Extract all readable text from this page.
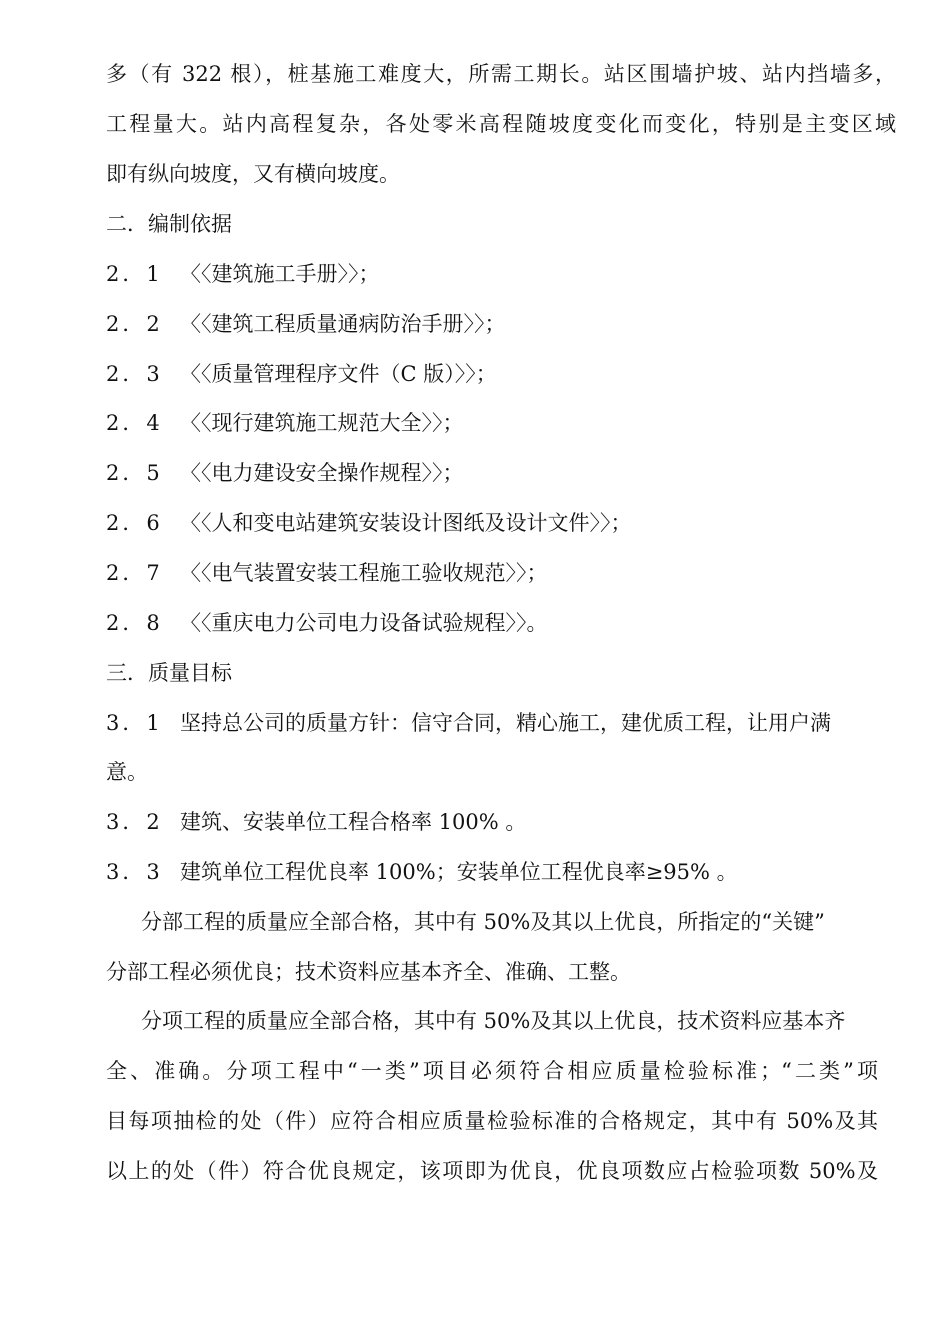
多（有 322 根），桩基施工难度大，所需工期长。站区围墙护坡、站内挡墙多，
工程量大。站内高程复杂，各处零米高程随坡度变化而变化，特别是主变区域
即有纵向坡度，又有横向坡度。
二．编制依据
2．1 〈〈建筑施工手册〉〉；
2．2 〈〈建筑工程质量通病防治手册〉〉；
2．3 〈〈质量管理程序文件（C 版）〉〉；
2．4 〈〈现行建筑施工规范大全〉〉；
2．5 〈〈电力建设安全操作规程〉〉；
2．6 〈〈人和变电站建筑安装设计图纸及设计文件〉〉；
2．7 〈〈电气装置安装工程施工验收规范〉〉；
2．8 〈〈重庆电力公司电力设备试验规程〉〉。
三．质量目标
3．1 坚持总公司的质量方针：信守合同，精心施工，建优质工程，让用户满
意。
3．2 建筑、安装单位工程合格率 100% 。
3．3 建筑单位工程优良率 100%；安装单位工程优良率≥95% 。
分部工程的质量应全部合格，其中有 50%及其以上优良，所指定的“关键”
分部工程必须优良；技术资料应基本齐全、准确、工整。
分项工程的质量应全部合格，其中有 50%及其以上优良，技术资料应基本齐
全、准确。分项工程中“一类”项目必须符合相应质量检验标准；“二类”项
目每项抽检的处（件）应符合相应质量检验标准的合格规定，其中有 50%及其
以上的处（件）符合优良规定，该项即为优良，优良项数应占检验项数 50%及
